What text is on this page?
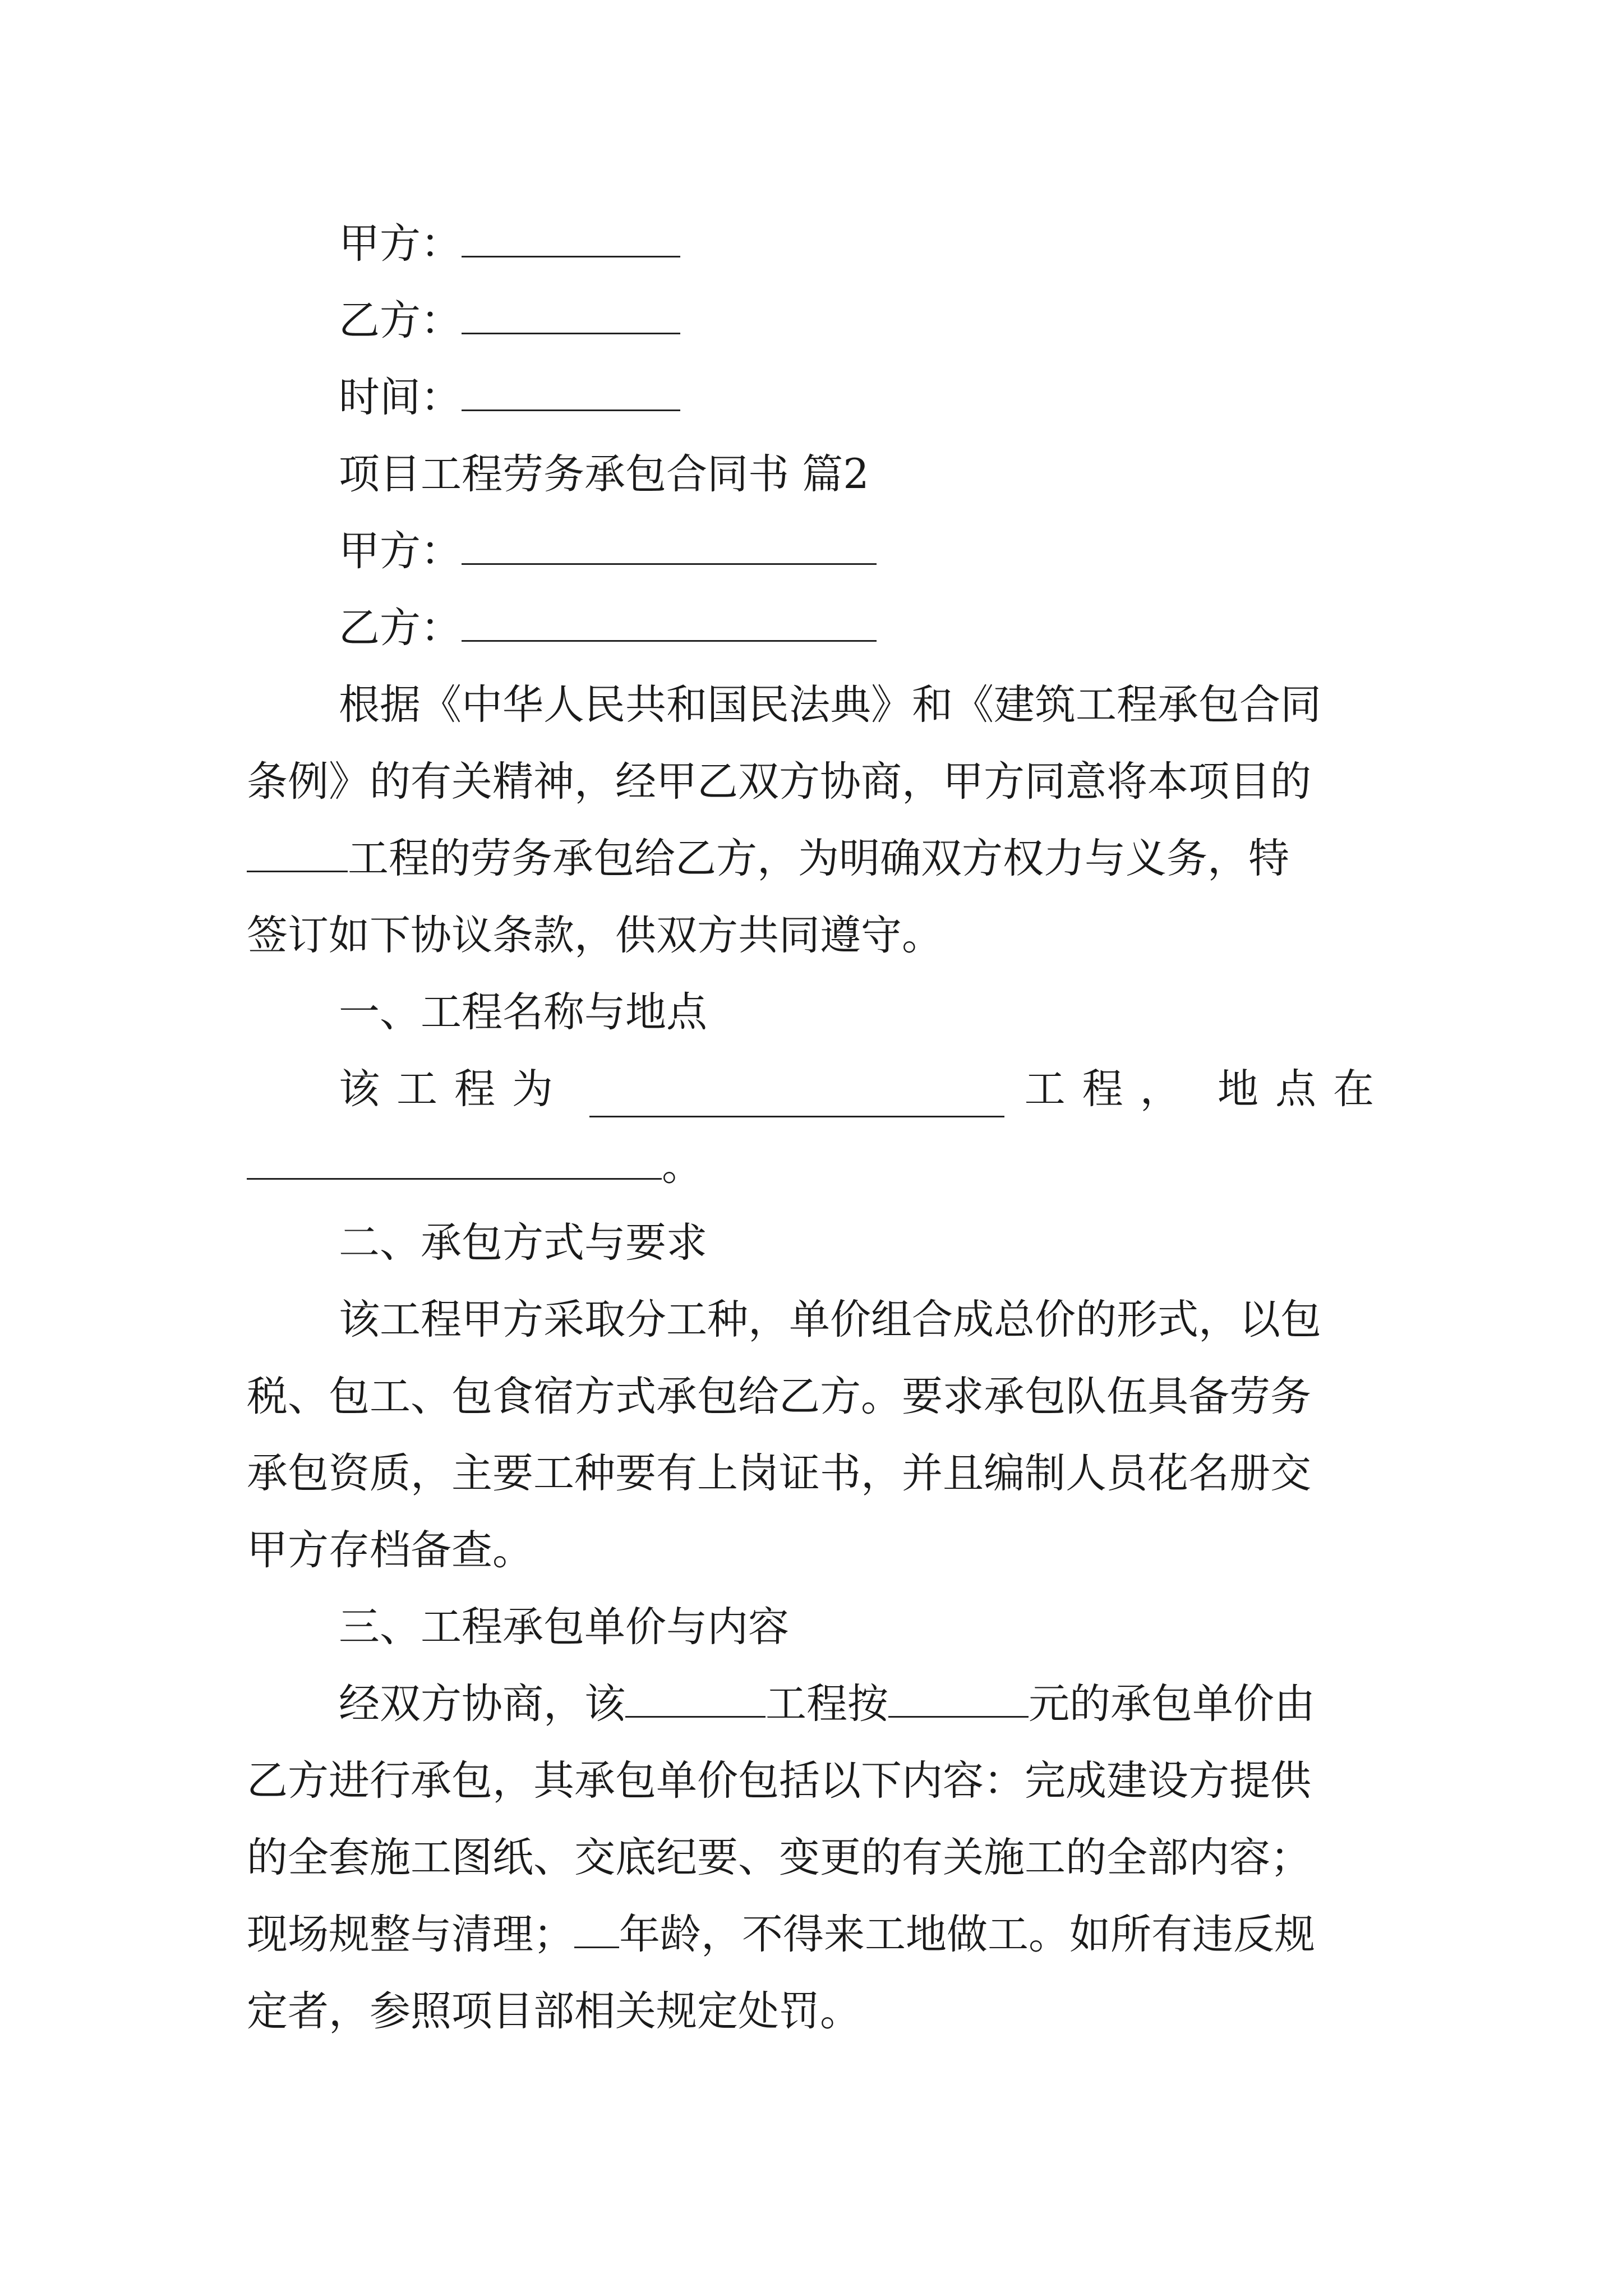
甲方：
乙方：
时间：
项目工程劳务承包合同书 篇2
甲方：
乙方：
根据《中华人民共和国民法典》和《建筑工程承包合同
条例》的有关精神，经甲乙双方协商，甲方同意将本项目的
工程的劳务承包给乙方，为明确双方权力与义务，特
签订如下协议条款，供双方共同遵守。
一、工程名称与地点
该工程为	工程， 地点在
。
二、承包方式与要求
该工程甲方采取分工种，单价组合成总价的形式，以包
税、包工、包食宿方式承包给乙方。要求承包队伍具备劳务
承包资质，主要工种要有上岗证书，并且编制人员花名册交
甲方存档备查。
三、工程承包单价与内容
经双方协商，该	工程按	元的承包单价由
乙方进行承包，其承包单价包括以下内容：完成建设方提供
的全套施工图纸、交底纪要、变更的有关施工的全部内容；
现场规整与清理； 年龄，不得来工地做工。如所有违反规
定者，参照项目部相关规定处罚。
